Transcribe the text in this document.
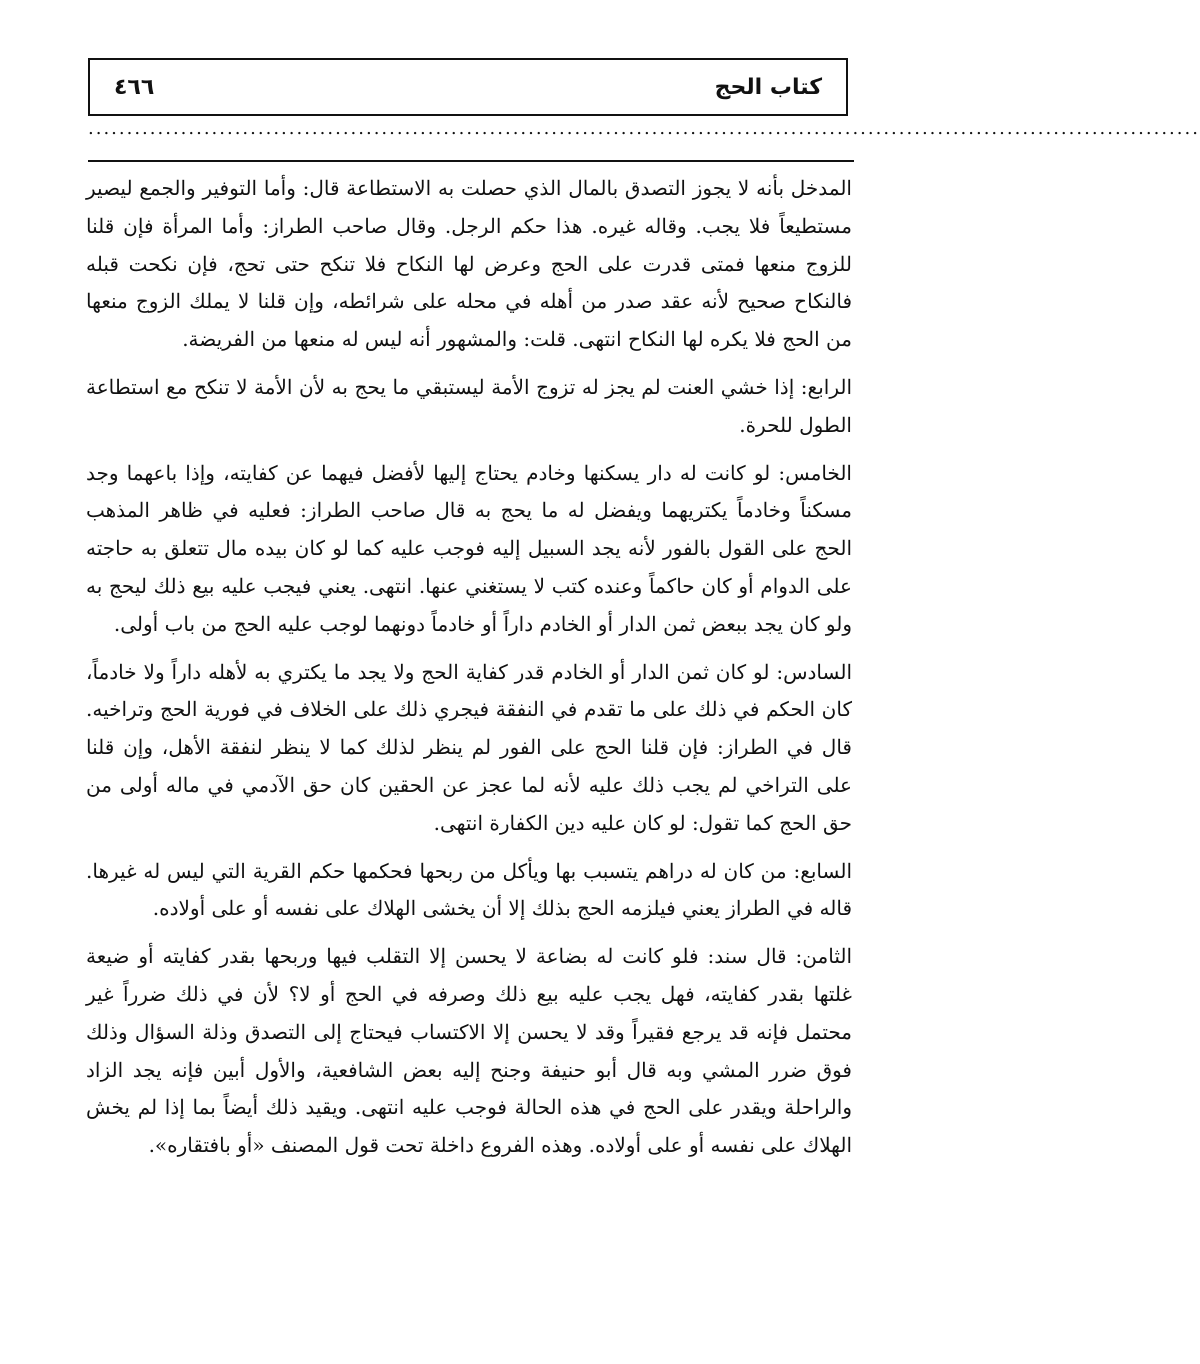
٤٦٦	كتاب الحج
................................................................................................................................................

المدخل بأنه لا يجوز التصدق بالمال الذي حصلت به الاستطاعة قال: وأما التوفير والجمع ليصير مستطيعاً فلا يجب. وقاله غيره. هذا حكم الرجل. وقال صاحب الطراز: وأما المرأة فإن قلنا للزوج منعها فمتى قدرت على الحج وعرض لها النكاح فلا تنكح حتى تحج، فإن نكحت قبله فالنكاح صحيح لأنه عقد صدر من أهله في محله على شرائطه، وإن قلنا لا يملك الزوج منعها من الحج فلا يكره لها النكاح انتهى. قلت: والمشهور أنه ليس له منعها من الفريضة.

الرابع: إذا خشي العنت لم يجز له تزوج الأمة ليستبقي ما يحج به لأن الأمة لا تنكح مع استطاعة الطول للحرة.

الخامس: لو كانت له دار يسكنها وخادم يحتاج إليها لأفضل فيهما عن كفايته، وإذا باعهما وجد مسكناً وخادماً يكتريهما ويفضل له ما يحج به قال صاحب الطراز: فعليه في ظاهر المذهب الحج على القول بالفور لأنه يجد السبيل إليه فوجب عليه كما لو كان بيده مال تتعلق به حاجته على الدوام أو كان حاكماً وعنده كتب لا يستغني عنها. انتهى. يعني فيجب عليه بيع ذلك ليحج به ولو كان يجد ببعض ثمن الدار أو الخادم داراً أو خادماً دونهما لوجب عليه الحج من باب أولى.

السادس: لو كان ثمن الدار أو الخادم قدر كفاية الحج ولا يجد ما يكتري به لأهله داراً ولا خادماً، كان الحكم في ذلك على ما تقدم في النفقة فيجري ذلك على الخلاف في فورية الحج وتراخيه. قال في الطراز: فإن قلنا الحج على الفور لم ينظر لذلك كما لا ينظر لنفقة الأهل، وإن قلنا على التراخي لم يجب ذلك عليه لأنه لما عجز عن الحقين كان حق الآدمي في ماله أولى من حق الحج كما تقول: لو كان عليه دين الكفارة انتهى.

السابع: من كان له دراهم يتسبب بها ويأكل من ربحها فحكمها حكم القرية التي ليس له غيرها. قاله في الطراز يعني فيلزمه الحج بذلك إلا أن يخشى الهلاك على نفسه أو على أولاده.

الثامن: قال سند: فلو كانت له بضاعة لا يحسن إلا التقلب فيها وربحها بقدر كفايته أو ضيعة غلتها بقدر كفايته، فهل يجب عليه بيع ذلك وصرفه في الحج أو لا؟ لأن في ذلك ضرراً غير محتمل فإنه قد يرجع فقيراً وقد لا يحسن إلا الاكتساب فيحتاج إلى التصدق وذلة السؤال وذلك فوق ضرر المشي وبه قال أبو حنيفة وجنح إليه بعض الشافعية، والأول أبين فإنه يجد الزاد والراحلة ويقدر على الحج في هذه الحالة فوجب عليه انتهى. ويقيد ذلك أيضاً بما إذا لم يخش الهلاك على نفسه أو على أولاده. وهذه الفروع داخلة تحت قول المصنف «أو بافتقاره».
